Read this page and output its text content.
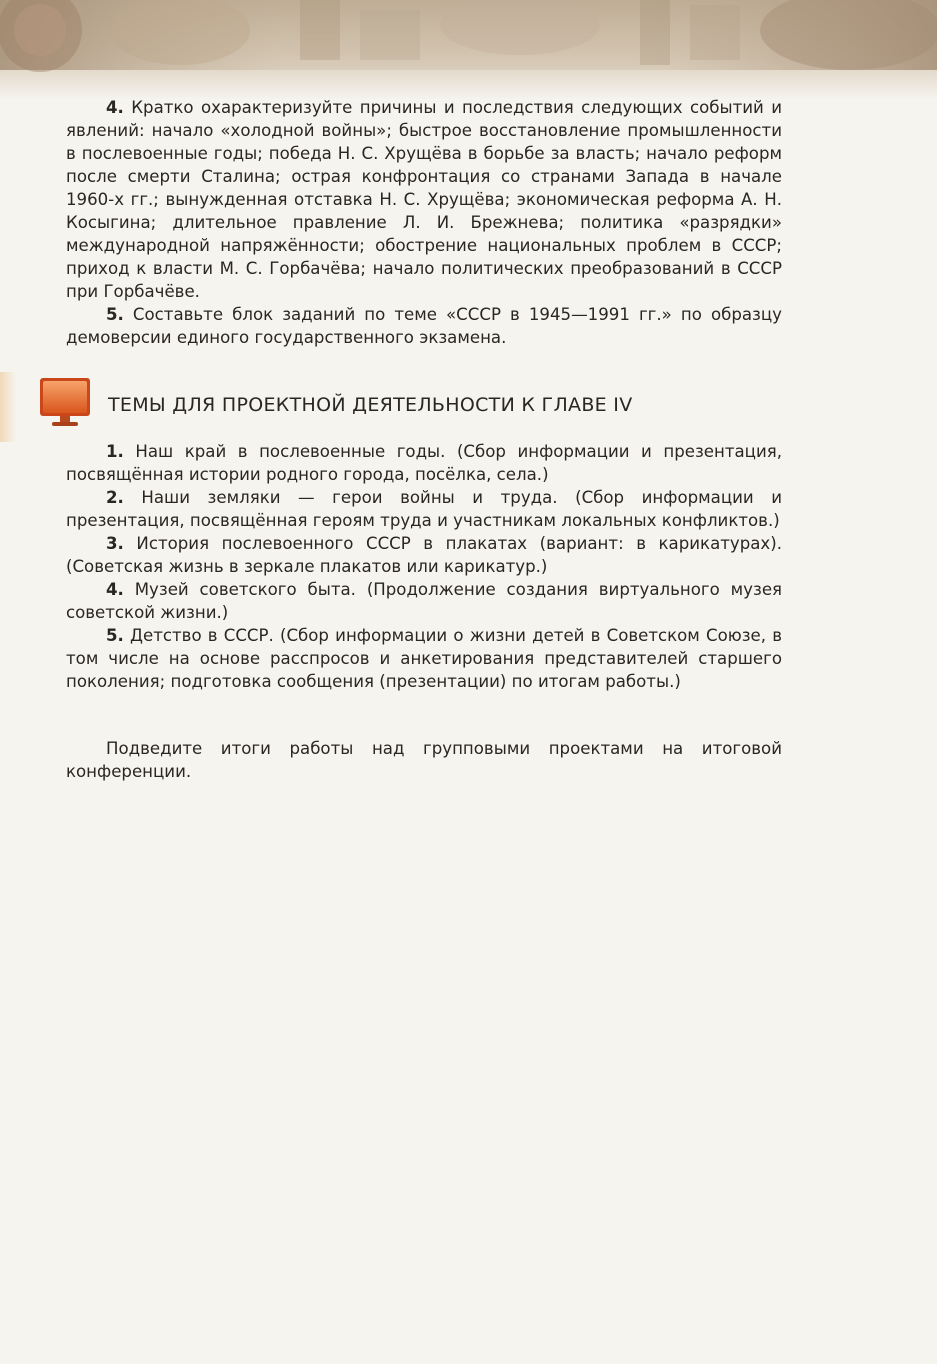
4. Кратко охарактеризуйте причины и последствия следующих событий и явлений: начало «холодной войны»; быстрое восстановление промышленности в послевоенные годы; победа Н. С. Хрущёва в борьбе за власть; начало реформ после смерти Сталина; острая конфронтация со странами Запада в начале 1960-х гг.; вынужденная отставка Н. С. Хрущёва; экономическая реформа А. Н. Косыгина; длительное правление Л. И. Брежнева; политика «разрядки» международной напряжённости; обострение национальных проблем в СССР; приход к власти М. С. Горбачёва; начало политических преобразований в СССР при Горбачёве.

5. Составьте блок заданий по теме «СССР в 1945—1991 гг.» по образцу демоверсии единого государственного экзамена.

ТЕМЫ ДЛЯ ПРОЕКТНОЙ ДЕЯТЕЛЬНОСТИ К ГЛАВЕ IV

1. Наш край в послевоенные годы. (Сбор информации и презентация, посвящённая истории родного города, посёлка, села.)

2. Наши земляки — герои войны и труда. (Сбор информации и презентация, посвящённая героям труда и участникам локальных конфликтов.)

3. История послевоенного СССР в плакатах (вариант: в карикатурах). (Советская жизнь в зеркале плакатов или карикатур.)

4. Музей советского быта. (Продолжение создания виртуального музея советской жизни.)

5. Детство в СССР. (Сбор информации о жизни детей в Советском Союзе, в том числе на основе расспросов и анкетирования представителей старшего поколения; подготовка сообщения (презентации) по итогам работы.)

Подведите итоги работы над групповыми проектами на итоговой конференции.
